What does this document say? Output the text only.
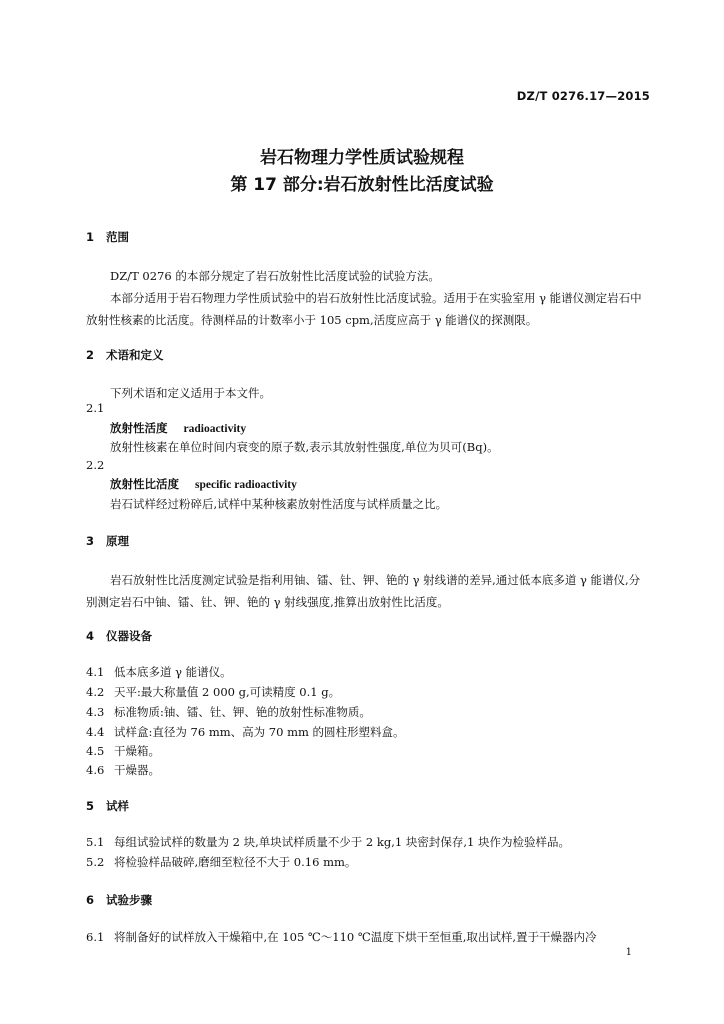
DZ/T 0276.17—2015
岩石物理力学性质试验规程
第 17 部分:岩石放射性比活度试验
1 范围
DZ/T 0276 的本部分规定了岩石放射性比活度试验的试验方法。
本部分适用于岩石物理力学性质试验中的岩石放射性比活度试验。适用于在实验室用 γ 能谱仪测定岩石中放射性核素的比活度。待测样品的计数率小于 105 cpm,活度应高于 γ 能谱仪的探测限。
2 术语和定义
下列术语和定义适用于本文件。
2.1
放射性活度 radioactivity
放射性核素在单位时间内衰变的原子数,表示其放射性强度,单位为贝可(Bq)。
2.2
放射性比活度 specific radioactivity
岩石试样经过粉碎后,试样中某种核素放射性活度与试样质量之比。
3 原理
岩石放射性比活度测定试验是指利用铀、镭、钍、钾、铯的 γ 射线谱的差异,通过低本底多道 γ 能谱仪,分别测定岩石中铀、镭、钍、钾、铯的 γ 射线强度,推算出放射性比活度。
4 仪器设备
4.1 低本底多道 γ 能谱仪。
4.2 天平:最大称量值 2 000 g,可读精度 0.1 g。
4.3 标准物质:铀、镭、钍、钾、铯的放射性标准物质。
4.4 试样盒:直径为 76 mm、高为 70 mm 的圆柱形塑料盒。
4.5 干燥箱。
4.6 干燥器。
5 试样
5.1 每组试验试样的数量为 2 块,单块试样质量不少于 2 kg,1 块密封保存,1 块作为检验样品。
5.2 将检验样品破碎,磨细至粒径不大于 0.16 mm。
6 试验步骤
6.1 将制备好的试样放入干燥箱中,在 105 ℃～110 ℃温度下烘干至恒重,取出试样,置于干燥器内冷
1
